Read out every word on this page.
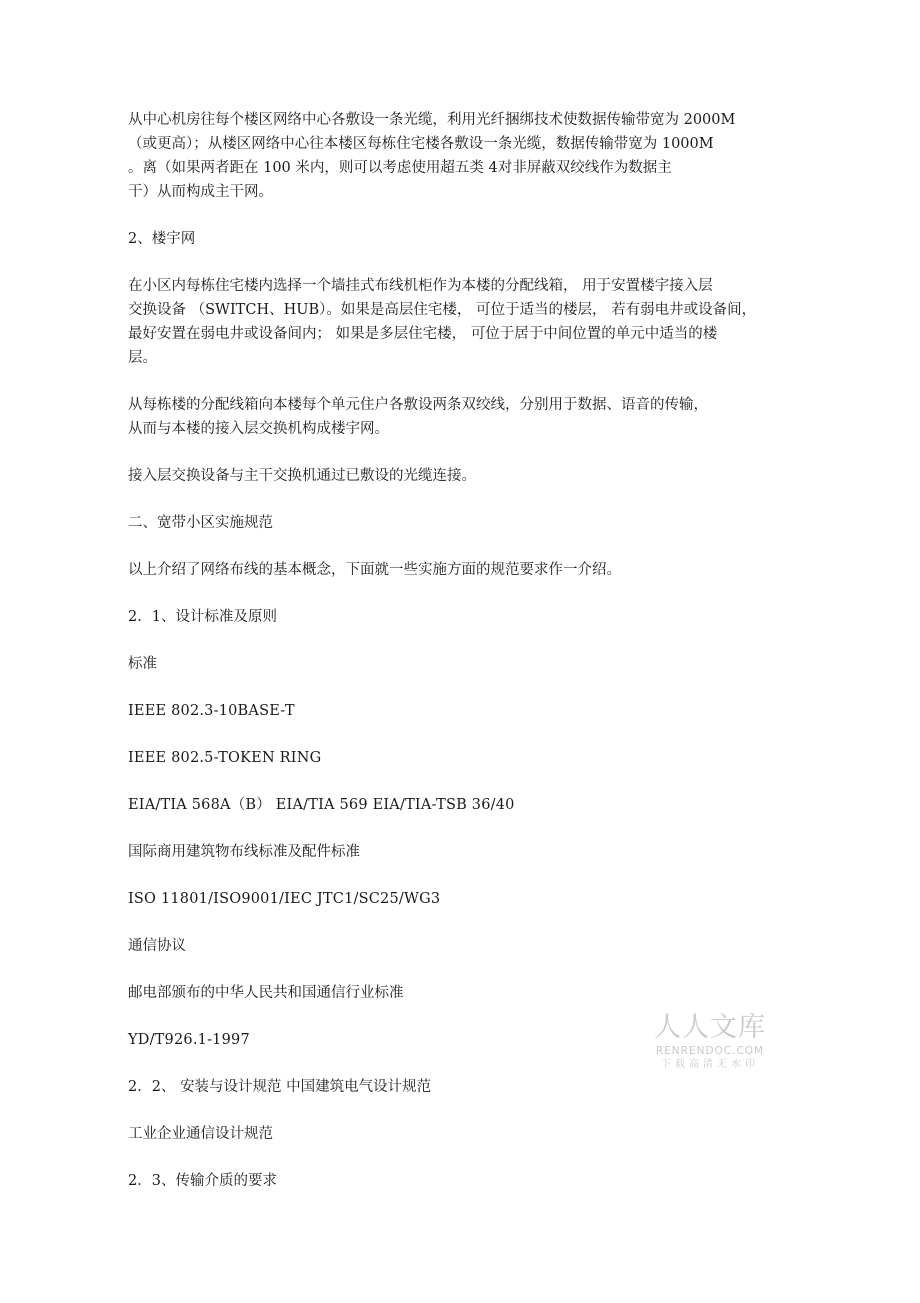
从中心机房往每个楼区网络中心各敷设一条光缆，利用光纤捆绑技术使数据传输带宽为 2000M
（或更高）；从楼区网络中心往本楼区每栋住宅楼各敷设一条光缆，数据传输带宽为 1000M
。离（如果两者距在 100 米内，则可以考虑使用超五类 4对非屏蔽双绞线作为数据主
干）从而构成主干网。
2、楼宇网
在小区内每栋住宅楼内选择一个墙挂式布线机柜作为本楼的分配线箱， 用于安置楼宇接入层
交换设备 （SWITCH、HUB）。如果是高层住宅楼， 可位于适当的楼层， 若有弱电井或设备间，
最好安置在弱电井或设备间内； 如果是多层住宅楼， 可位于居于中间位置的单元中适当的楼
层。
从每栋楼的分配线箱向本楼每个单元住户各敷设两条双绞线，分别用于数据、语音的传输，
从而与本楼的接入层交换机构成楼宇网。
接入层交换设备与主干交换机通过已敷设的光缆连接。
二、宽带小区实施规范
以上介绍了网络布线的基本概念，下面就一些实施方面的规范要求作一介绍。
2．1、设计标准及原则
标准
IEEE 802.3-10BASE-T
IEEE 802.5-TOKEN RING
EIA/TIA 568A（B） EIA/TIA 569 EIA/TIA-TSB 36/40
国际商用建筑物布线标准及配件标准
ISO 11801/ISO9001/IEC JTC1/SC25/WG3
通信协议
邮电部颁布的中华人民共和国通信行业标准
YD/T926.1-1997
2．2、 安装与设计规范 中国建筑电气设计规范
工业企业通信设计规范
2．3、传输介质的要求
人人文库
RENRENDOC.COM
下载高清无水印
